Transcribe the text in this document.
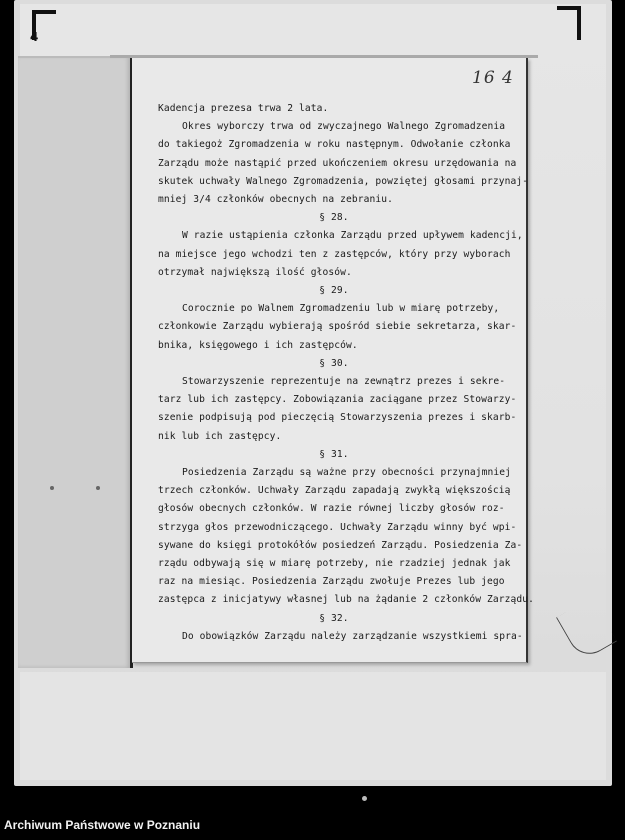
4
16 4
Kadencja prezesa trwa 2 lata.
Okres wyborczy trwa od zwyczajnego Walnego Zgromadzenia
do takiegoż Zgromadzenia w roku następnym. Odwołanie członka
Zarządu może nastąpić przed ukończeniem okresu urzędowania na
skutek uchwały Walnego Zgromadzenia, powziętej głosami przynaj-
mniej 3/4 członków obecnych na zebraniu.
§ 28.
W razie ustąpienia członka Zarządu przed upływem kadencji,
na miejsce jego wchodzi ten z zastępców, który przy wyborach
otrzymał największą ilość głosów.
§ 29.
Corocznie po Walnem Zgromadzeniu lub w miarę potrzeby,
członkowie Zarządu wybierają spośród siebie sekretarza, skar-
bnika, księgowego i ich zastępców.
§ 30.
Stowarzyszenie reprezentuje na zewnątrz prezes i sekre-
tarz lub ich zastępcy. Zobowiązania zaciągane przez Stowarzy-
szenie podpisują pod pieczęcią Stowarzyszenia prezes i skarb-
nik lub ich zastępcy.
§ 31.
Posiedzenia Zarządu są ważne przy obecności przynajmniej
trzech członków. Uchwały Zarządu zapadają zwykłą większością
głosów obecnych członków. W razie równej liczby głosów roz-
strzyga głos przewodniczącego. Uchwały Zarządu winny być wpi-
sywane do księgi protokółów posiedzeń Zarządu. Posiedzenia Za-
rządu odbywają się w miarę potrzeby, nie rzadziej jednak jak
raz na miesiąc. Posiedzenia Zarządu zwołuje Prezes lub jego
zastępca z inicjatywy własnej lub na żądanie 2 członków Zarządu.
§ 32.
Do obowiązków Zarządu należy zarządzanie wszystkiemi spra-
Archiwum Państwowe w Poznaniu
